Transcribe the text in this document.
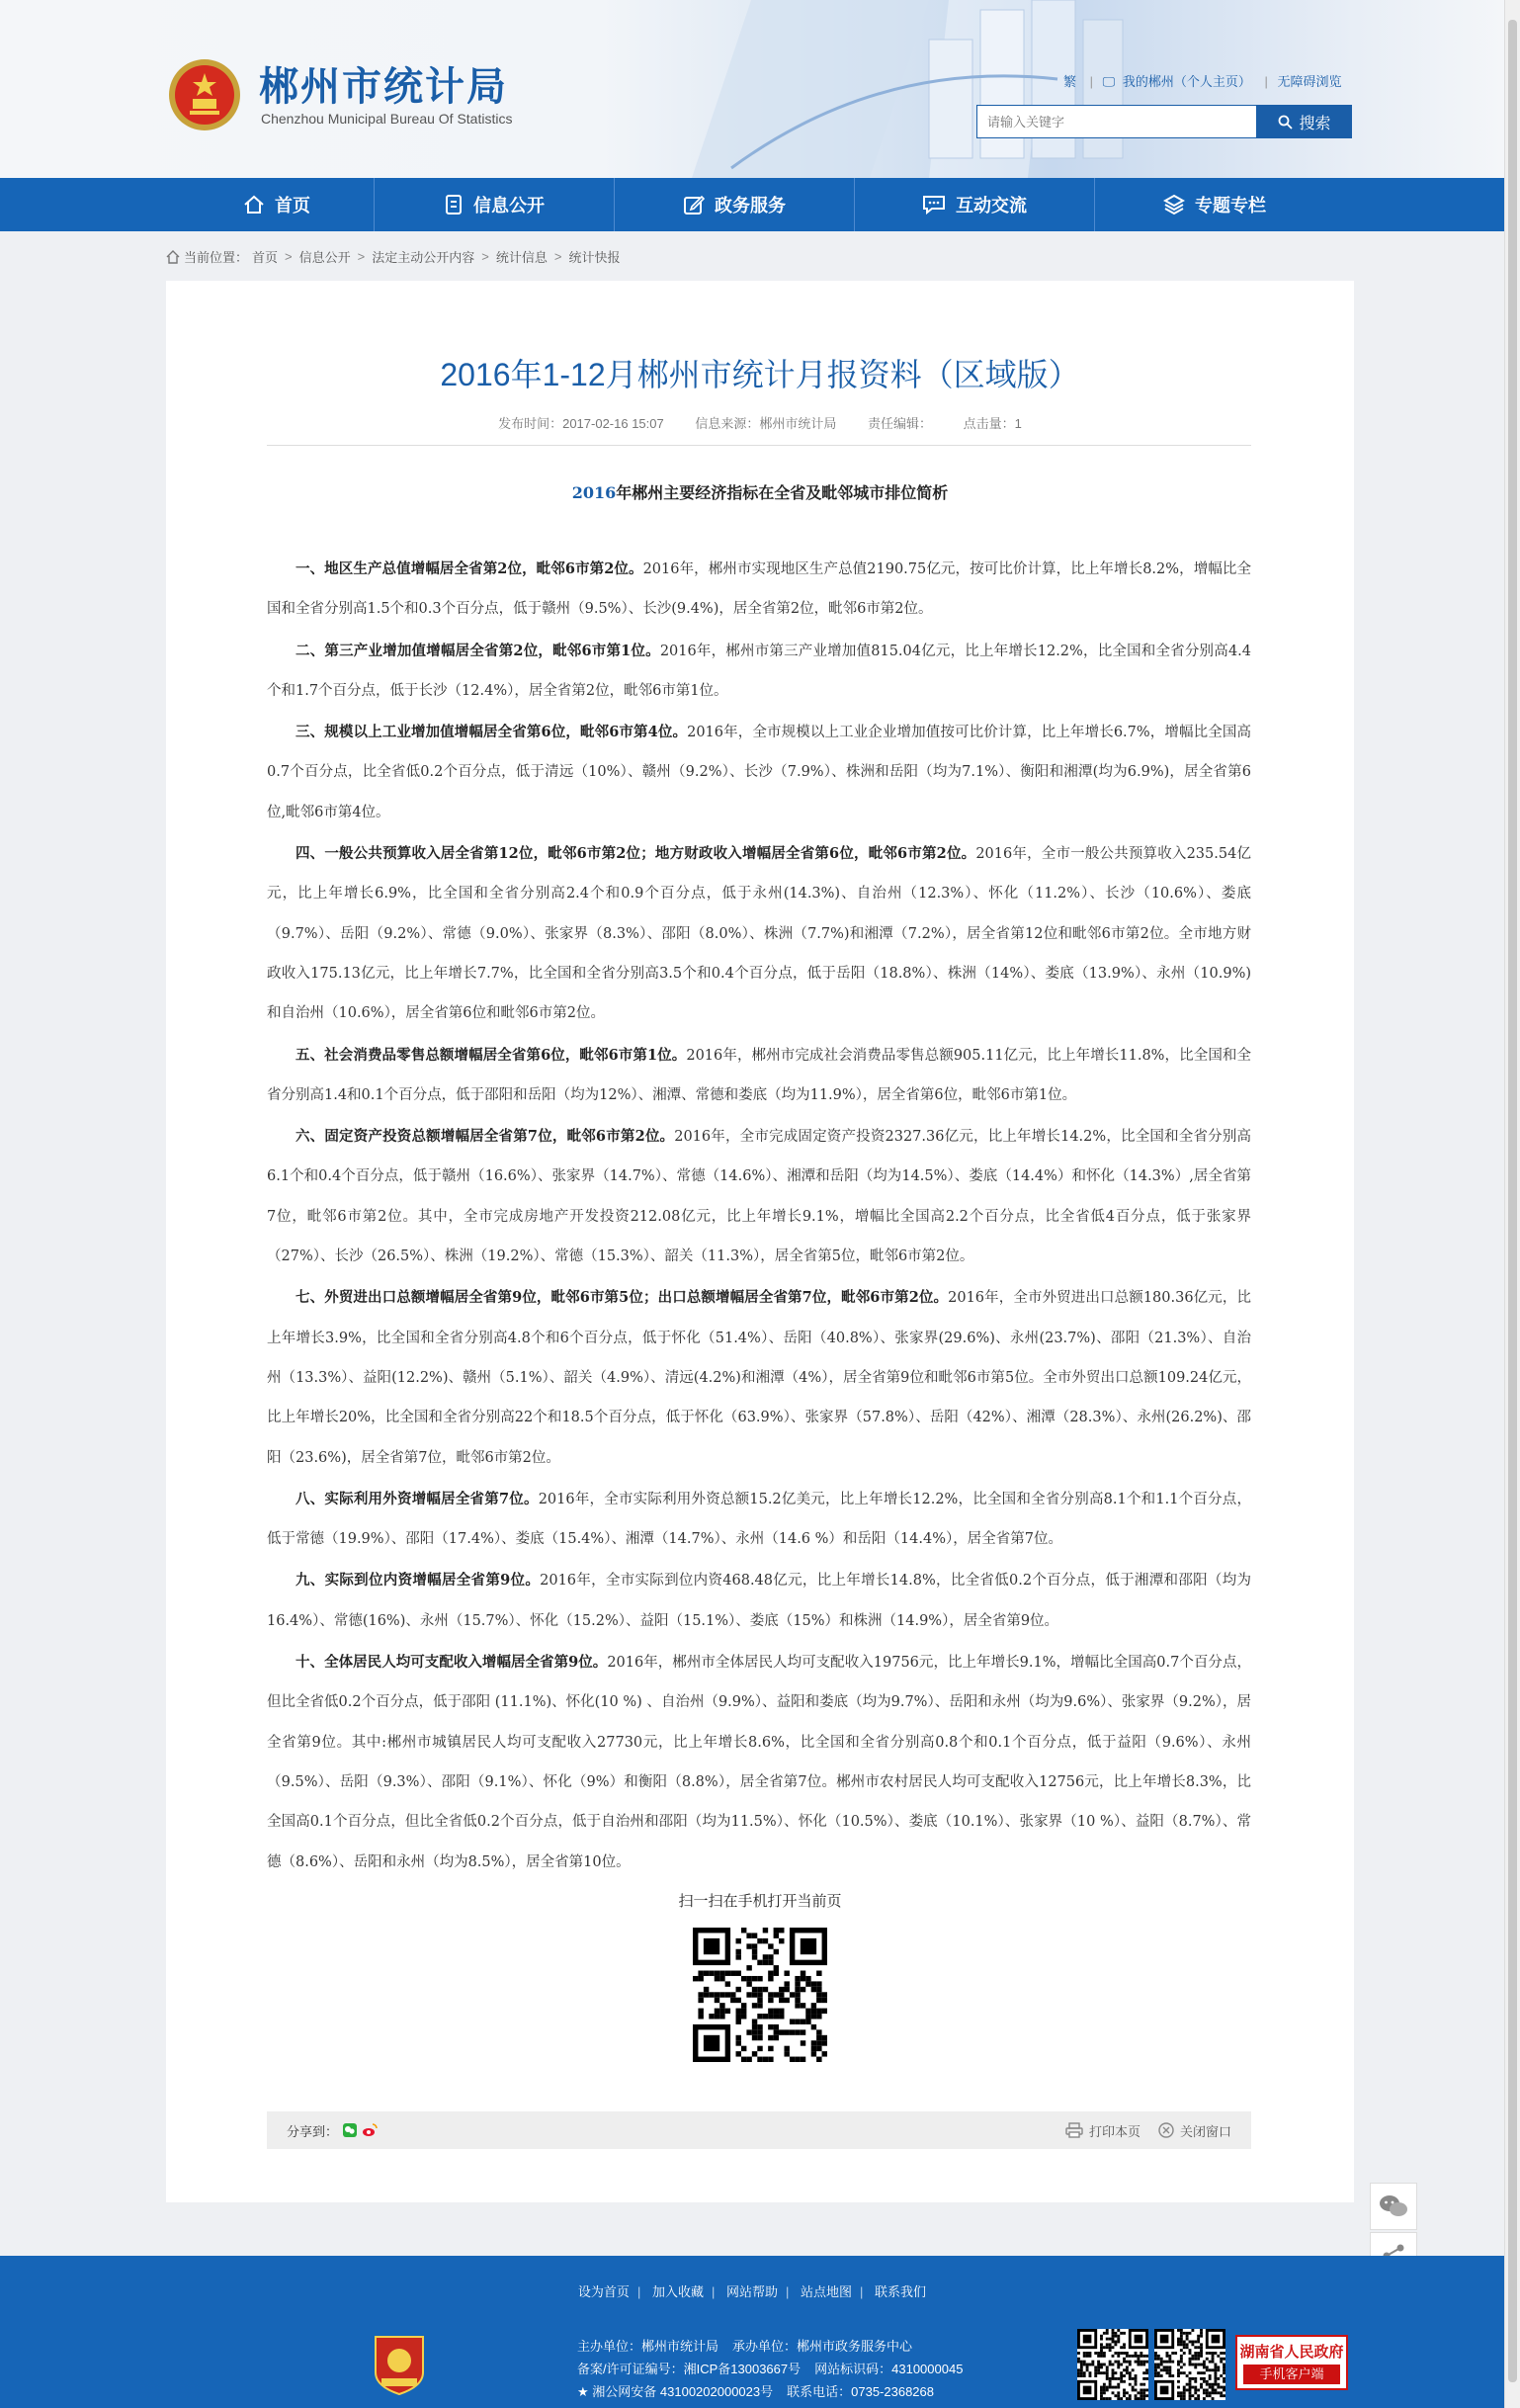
郴州市统计局
Chenzhou Municipal Bureau Of Statistics
繁 | 🖵 我的郴州（个人主页） | 无障碍浏览
请输入关键字
搜索
首页	信息公开	政务服务	互动交流	专题专栏
当前位置： 首页 > 信息公开 > 法定主动公开内容 > 统计信息 > 统计快报
2016年1-12月郴州市统计月报资料（区域版）
发布时间：2017-02-16 15:07 信息来源：郴州市统计局 责任编辑： 点击量：1
2016年郴州主要经济指标在全省及毗邻城市排位简析

一、地区生产总值增幅居全省第2位，毗邻6市第2位。2016年，郴州市实现地区生产总值2190.75亿元，按可比价计算，比上年增长8.2%，增幅比全国和全省分别高1.5个和0.3个百分点，低于赣州（9.5%）、长沙(9.4%)，居全省第2位，毗邻6市第2位。

二、第三产业增加值增幅居全省第2位，毗邻6市第1位。2016年，郴州市第三产业增加值815.04亿元，比上年增长12.2%，比全国和全省分别高4.4个和1.7个百分点，低于长沙（12.4%），居全省第2位，毗邻6市第1位。

三、规模以上工业增加值增幅居全省第6位，毗邻6市第4位。2016年，全市规模以上工业企业增加值按可比价计算，比上年增长6.7%，增幅比全国高0.7个百分点，比全省低0.2个百分点，低于清远（10%）、赣州（9.2%）、长沙（7.9%）、株洲和岳阳（均为7.1%）、衡阳和湘潭(均为6.9%)，居全省第6位,毗邻6市第4位。

四、一般公共预算收入居全省第12位，毗邻6市第2位；地方财政收入增幅居全省第6位，毗邻6市第2位。2016年，全市一般公共预算收入235.54亿元，比上年增长6.9%，比全国和全省分别高2.4个和0.9个百分点，低于永州(14.3%)、自治州（12.3%）、怀化（11.2%）、长沙（10.6%）、娄底（9.7%）、岳阳（9.2%）、常德（9.0%）、张家界（8.3%）、邵阳（8.0%）、株洲（7.7%)和湘潭（7.2%），居全省第12位和毗邻6市第2位。全市地方财政收入175.13亿元，比上年增长7.7%，比全国和全省分别高3.5个和0.4个百分点，低于岳阳（18.8%）、株洲（14%）、娄底（13.9%）、永州（10.9%)和自治州（10.6%），居全省第6位和毗邻6市第2位。

五、社会消费品零售总额增幅居全省第6位，毗邻6市第1位。2016年，郴州市完成社会消费品零售总额905.11亿元，比上年增长11.8%，比全国和全省分别高1.4和0.1个百分点，低于邵阳和岳阳（均为12%）、湘潭、常德和娄底（均为11.9%），居全省第6位，毗邻6市第1位。

六、固定资产投资总额增幅居全省第7位，毗邻6市第2位。2016年，全市完成固定资产投资2327.36亿元，比上年增长14.2%，比全国和全省分别高6.1个和0.4个百分点，低于赣州（16.6%）、张家界（14.7%）、常德（14.6%）、湘潭和岳阳（均为14.5%）、娄底（14.4%）和怀化（14.3%）,居全省第7位，毗邻6市第2位。其中，全市完成房地产开发投资212.08亿元，比上年增长9.1%，增幅比全国高2.2个百分点，比全省低4百分点，低于张家界（27%）、长沙（26.5%）、株洲（19.2%）、常德（15.3%）、韶关（11.3%），居全省第5位，毗邻6市第2位。

七、外贸进出口总额增幅居全省第9位，毗邻6市第5位；出口总额增幅居全省第7位，毗邻6市第2位。2016年，全市外贸进出口总额180.36亿元，比上年增长3.9%，比全国和全省分别高4.8个和6个百分点，低于怀化（51.4%）、岳阳（40.8%）、张家界(29.6%)、永州(23.7%)、邵阳（21.3%）、自治州（13.3%）、益阳(12.2%)、赣州（5.1%）、韶关（4.9%）、清远(4.2%)和湘潭（4%），居全省第9位和毗邻6市第5位。全市外贸出口总额109.24亿元，比上年增长20%，比全国和全省分别高22个和18.5个百分点，低于怀化（63.9%）、张家界（57.8%）、岳阳（42%）、湘潭（28.3%）、永州(26.2%)、邵阳（23.6%)，居全省第7位，毗邻6市第2位。

八、实际利用外资增幅居全省第7位。2016年，全市实际利用外资总额15.2亿美元，比上年增长12.2%，比全国和全省分别高8.1个和1.1个百分点，低于常德（19.9%）、邵阳（17.4%）、娄底（15.4%）、湘潭（14.7%）、永州（14.6 %）和岳阳（14.4%），居全省第7位。

九、实际到位内资增幅居全省第9位。2016年，全市实际到位内资468.48亿元，比上年增长14.8%，比全省低0.2个百分点，低于湘潭和邵阳（均为16.4%）、常德(16%)、永州（15.7%）、怀化（15.2%）、益阳（15.1%）、娄底（15%）和株洲（14.9%），居全省第9位。

十、全体居民人均可支配收入增幅居全省第9位。2016年，郴州市全体居民人均可支配收入19756元，比上年增长9.1%，增幅比全国高0.7个百分点，但比全省低0.2个百分点，低于邵阳 (11.1%)、怀化(10 %) 、自治州（9.9%）、益阳和娄底（均为9.7%）、岳阳和永州（均为9.6%）、张家界（9.2%），居全省第9位。其中:郴州市城镇居民人均可支配收入27730元，比上年增长8.6%，比全国和全省分别高0.8个和0.1个百分点，低于益阳（9.6%）、永州（9.5%）、岳阳（9.3%）、邵阳（9.1%）、怀化（9%）和衡阳（8.8%），居全省第7位。郴州市农村居民人均可支配收入12756元，比上年增长8.3%，比全国高0.1个百分点，但比全省低0.2个百分点，低于自治州和邵阳（均为11.5%）、怀化（10.5%）、娄底（10.1%）、张家界（10 %）、益阳（8.7%）、常德（8.6%）、岳阳和永州（均为8.5%），居全省第10位。

扫一扫在手机打开当前页
分享到：	打印本页	关闭窗口
设为首页 | 加入收藏 | 网站帮助 | 站点地图 | 联系我们
主办单位：郴州市统计局 承办单位：郴州市政务服务中心
备案/许可证编号：湘ICP备13003667号 网站标识码：4310000045
★ 湘公网安备 43100202000023号 联系电话：0735-2368268
湖南省人民政府
手机客户端
